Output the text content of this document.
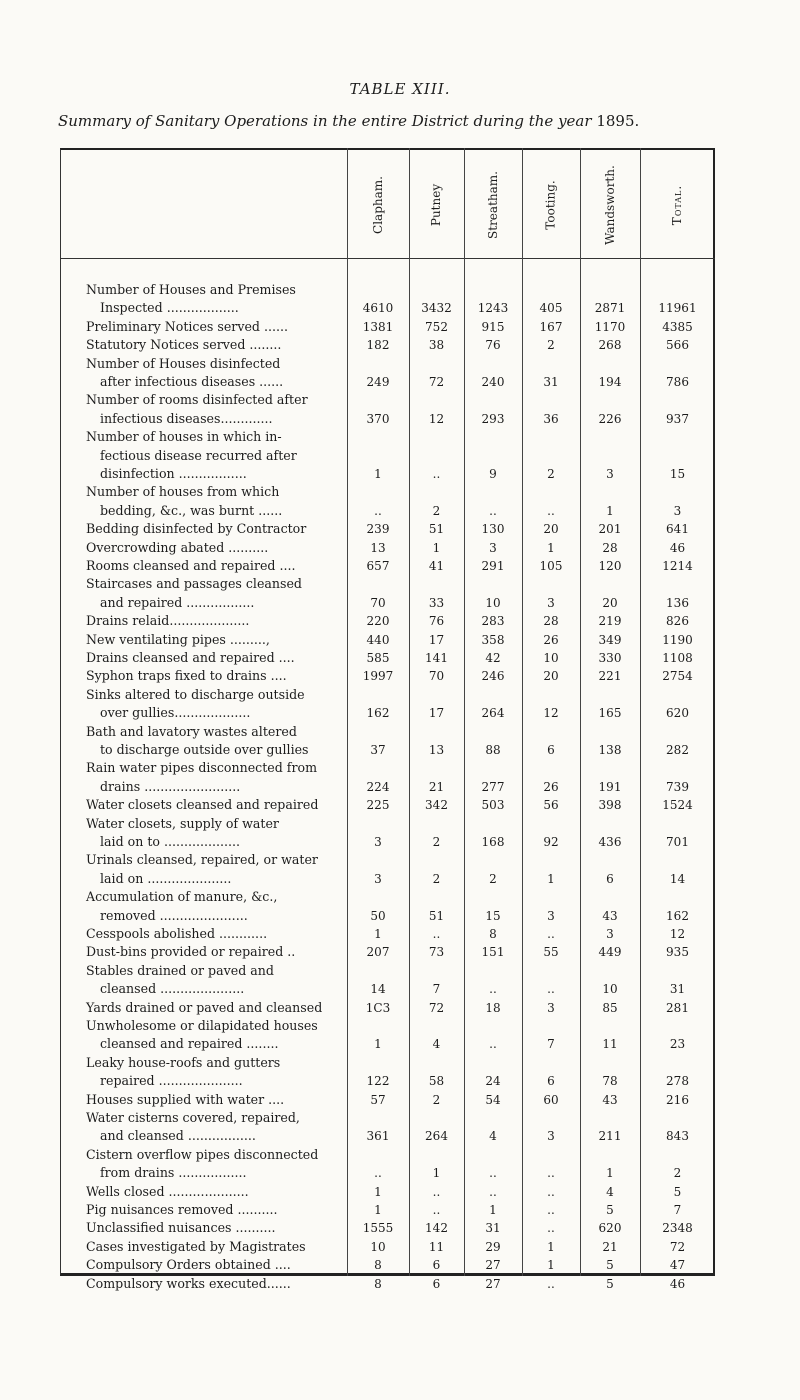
TABLE XIII.
Summary of Sanitary Operations in the entire District during the year 1895.
Clapham.	Putney	Streatham.	Tooting.	Wandsworth.	Total.
Number of Houses and Premises
Inspected ..................	4610	3432	1243	405	2871	11961
Preliminary Notices served ......	1381	752	915	167	1170	4385
Statutory Notices served ........	182	38	76	2	268	566
Number of Houses disinfected
after infectious diseases ......	249	72	240	31	194	786
Number of rooms disinfected after
infectious diseases.............	370	12	293	36	226	937
Number of houses in which in-
fectious disease recurred after
disinfection .................	1	..	9	2	3	15
Number of houses from which
bedding, &c., was burnt ......	..	2	..	..	1	3
Bedding disinfected by Contractor	239	51	130	20	201	641
Overcrowding abated ..........	13	1	3	1	28	46
Rooms cleansed and repaired ....	657	41	291	105	120	1214
Staircases and passages cleansed
and repaired .................	70	33	10	3	20	136
Drains relaid....................	220	76	283	28	219	826
New ventilating pipes .........,	440	17	358	26	349	1190
Drains cleansed and repaired ....	585	141	42	10	330	1108
Syphon traps fixed to drains ....	1997	70	246	20	221	2754
Sinks altered to discharge outside
over gullies...................	162	17	264	12	165	620
Bath and lavatory wastes altered
to discharge outside over gullies	37	13	88	6	138	282
Rain water pipes disconnected from
drains ........................	224	21	277	26	191	739
Water closets cleansed and repaired	225	342	503	56	398	1524
Water closets, supply of water
laid on to ...................	3	2	168	92	436	701
Urinals cleansed, repaired, or water
laid on .....................	3	2	2	1	6	14
Accumulation of manure, &c.,
removed ......................	50	51	15	3	43	162
Cesspools abolished ............	1	..	8	..	3	12
Dust-bins provided or repaired ..	207	73	151	55	449	935
Stables drained or paved and
cleansed .....................	14	7	..	..	10	31
Yards drained or paved and cleansed	1C3	72	18	3	85	281
Unwholesome or dilapidated houses
cleansed and repaired ........	1	4	..	7	11	23
Leaky house-roofs and gutters
repaired .....................	122	58	24	6	78	278
Houses supplied with water ....	57	2	54	60	43	216
Water cisterns covered, repaired,
and cleansed .................	361	264	4	3	211	843
Cistern overflow pipes disconnected
from drains .................	..	1	..	..	1	2
Wells closed ....................	1	..	..	..	4	5
Pig nuisances removed ..........	1	..	1	..	5	7
Unclassified nuisances ..........	1555	142	31	..	620	2348
Cases investigated by Magistrates	10	11	29	1	21	72
Compulsory Orders obtained ....	8	6	27	1	5	47
Compulsory works executed......	8	6	27	..	5	46
